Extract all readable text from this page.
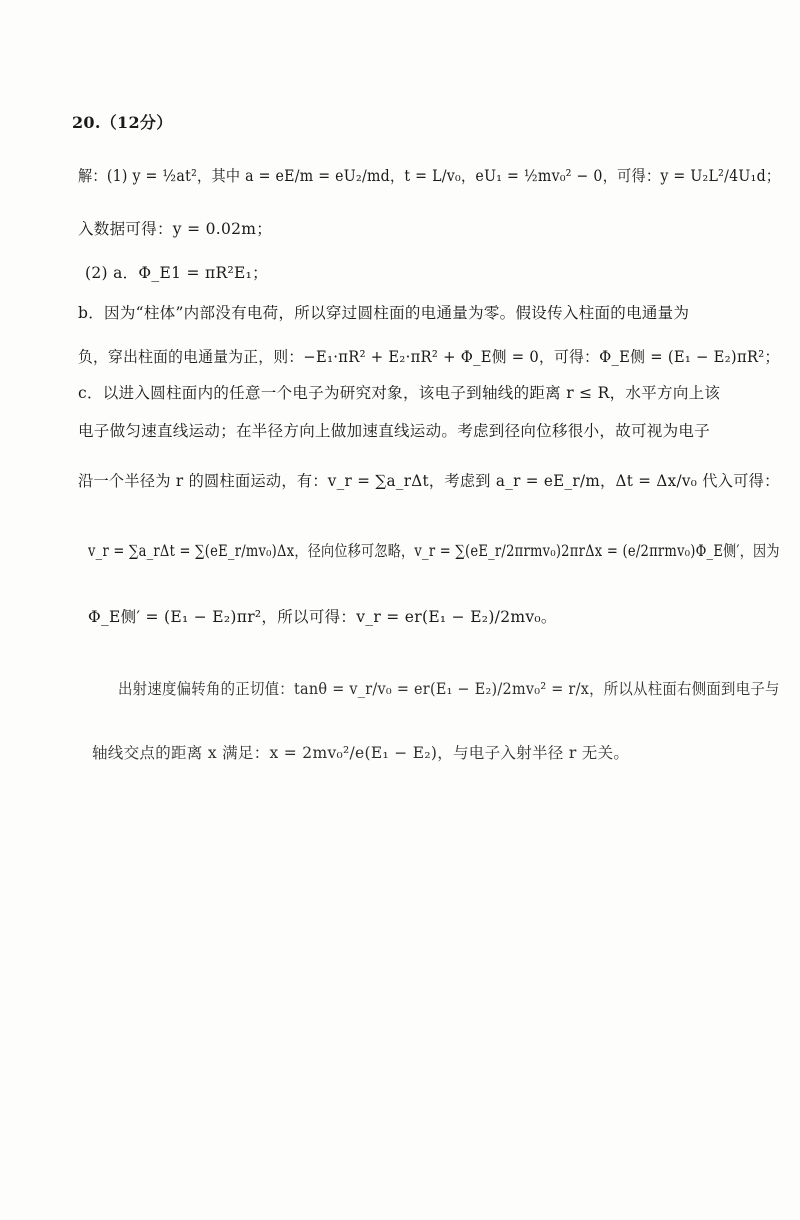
20.（12分）
解：(1) y = ½at²，其中 a = eE/m = eU₂/md，t = L/v₀，eU₁ = ½mv₀² − 0，可得：y = U₂L²/4U₁d；
入数据可得：y = 0.02m；
(2) a．Φ_E1 = πR²E₁；
b．因为“柱体”内部没有电荷，所以穿过圆柱面的电通量为零。假设传入柱面的电通量为
负，穿出柱面的电通量为正，则：−E₁·πR² + E₂·πR² + Φ_E侧 = 0，可得：Φ_E侧 = (E₁ − E₂)πR²；
c．以进入圆柱面内的任意一个电子为研究对象，该电子到轴线的距离 r ≤ R，水平方向上该
电子做匀速直线运动；在半径方向上做加速直线运动。考虑到径向位移很小，故可视为电子
沿一个半径为 r 的圆柱面运动，有：v_r = ∑a_rΔt，考虑到 a_r = eE_r/m，Δt = Δx/v₀ 代入可得：
v_r = ∑a_rΔt = ∑(eE_r/mv₀)Δx，径向位移可忽略，v_r = ∑(eE_r/2πrmv₀)2πrΔx = (e/2πrmv₀)Φ_E侧′，因为
Φ_E侧′ = (E₁ − E₂)πr²，所以可得：v_r = er(E₁ − E₂)/2mv₀。
出射速度偏转角的正切值：tanθ = v_r/v₀ = er(E₁ − E₂)/2mv₀² = r/x，所以从柱面右侧面到电子与
轴线交点的距离 x 满足：x = 2mv₀²/e(E₁ − E₂)，与电子入射半径 r 无关。
